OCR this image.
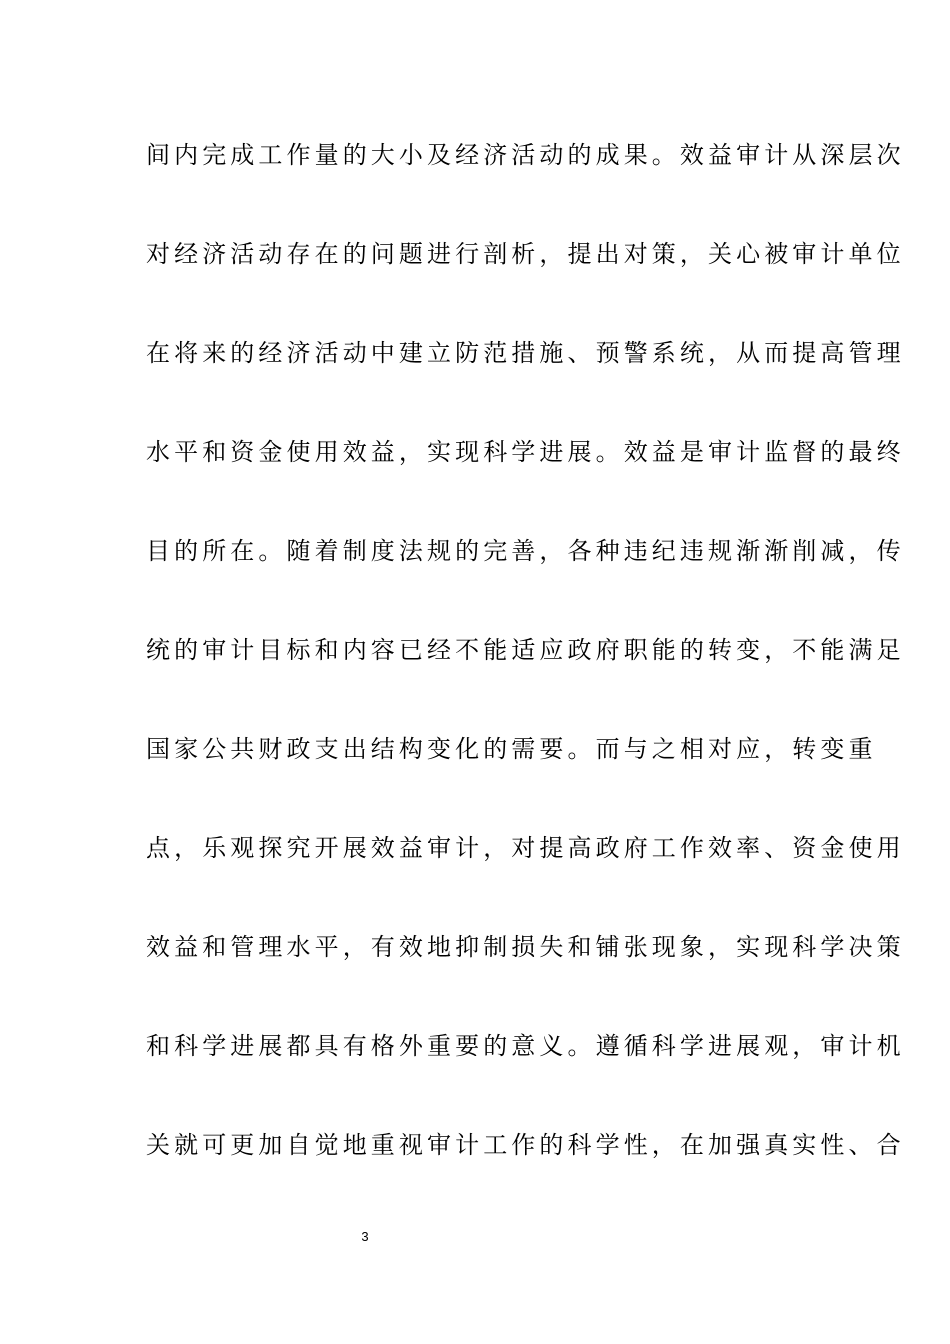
间内完成工作量的大小及经济活动的成果。效益审计从深层次
对经济活动存在的问题进行剖析，提出对策，关心被审计单位
在将来的经济活动中建立防范措施、预警系统，从而提高管理
水平和资金使用效益，实现科学进展。效益是审计监督的最终
目的所在。随着制度法规的完善，各种违纪违规渐渐削减，传
统的审计目标和内容已经不能适应政府职能的转变，不能满足
国家公共财政支出结构变化的需要。而与之相对应，转变重
点，乐观探究开展效益审计，对提高政府工作效率、资金使用
效益和管理水平，有效地抑制损失和铺张现象，实现科学决策
和科学进展都具有格外重要的意义。遵循科学进展观，审计机
关就可更加自觉地重视审计工作的科学性，在加强真实性、合
3
